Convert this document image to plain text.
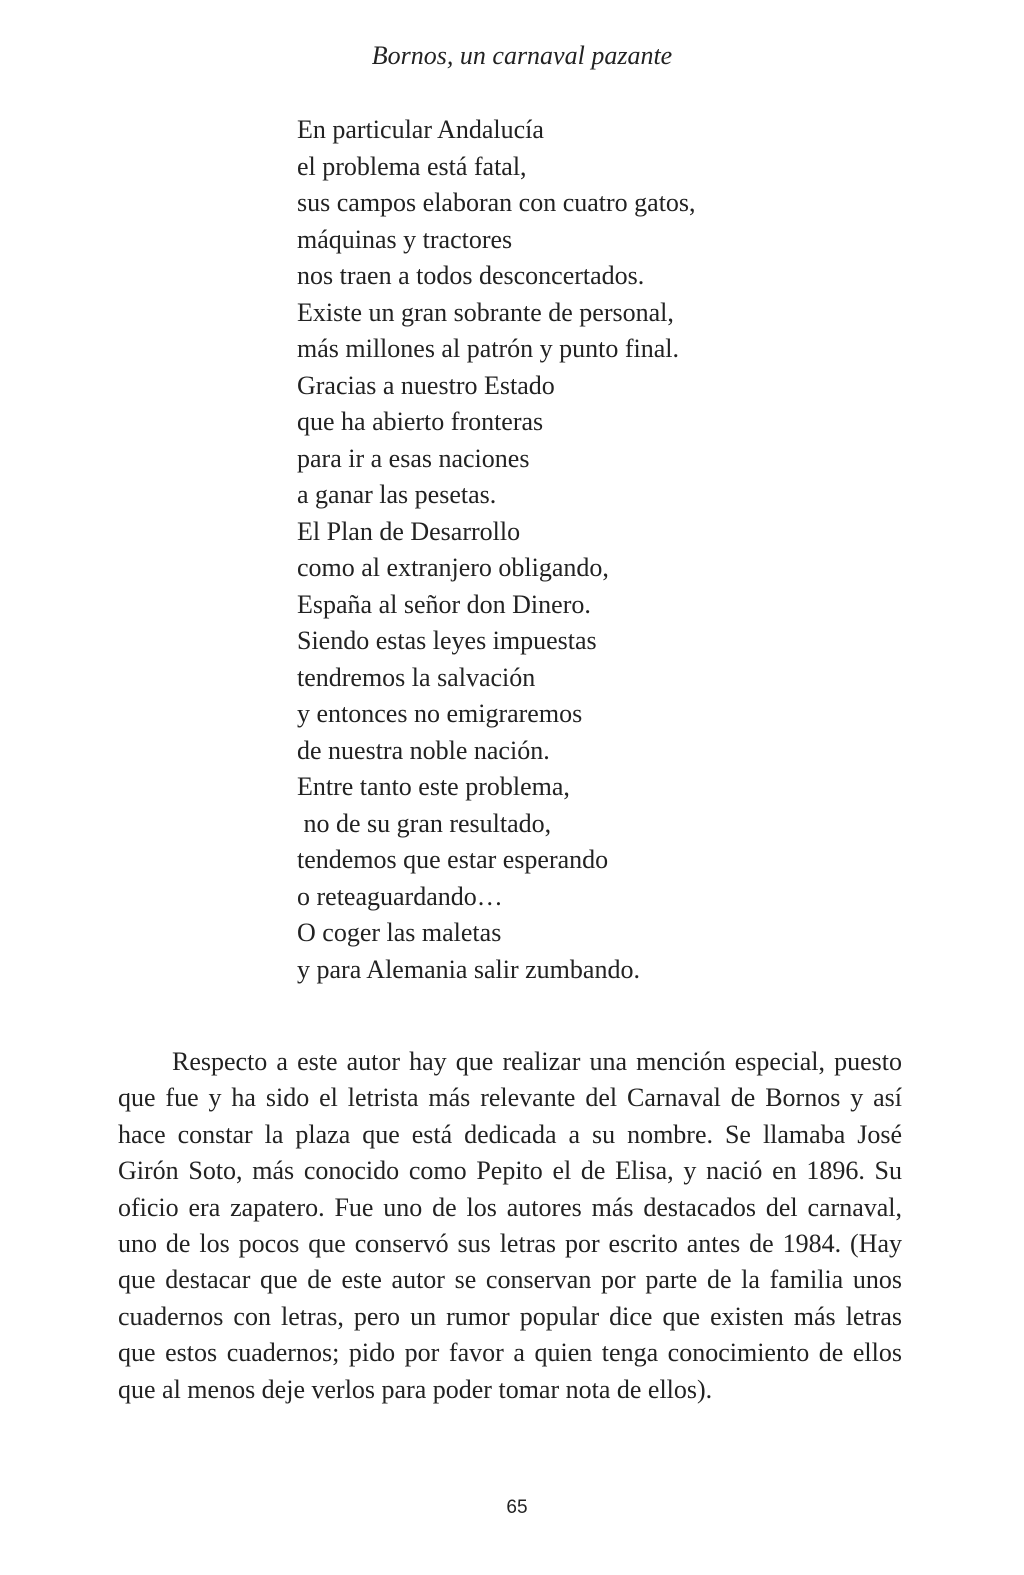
Bornos, un carnaval pazante
En particular Andalucía
el problema está fatal,
sus campos elaboran con cuatro gatos,
máquinas y tractores
nos traen a todos desconcertados.
Existe un gran sobrante de personal,
más millones al patrón y punto final.
Gracias a nuestro Estado
que ha abierto fronteras
para ir a esas naciones
a ganar las pesetas.
El Plan de Desarrollo
como al extranjero obligando,
España al señor don Dinero.
Siendo estas leyes impuestas
tendremos la salvación
y entonces no emigraremos
de nuestra noble nación.
Entre tanto este problema,
no de su gran resultado,
tendemos que estar esperando
o reteaguardando…
O coger las maletas
y para Alemania salir zumbando.

Respecto a este autor hay que realizar una mención especial, puesto que fue y ha sido el letrista más relevante del Carnaval de Bornos y así hace constar la plaza que está dedicada a su nombre. Se llamaba José Girón Soto, más conocido como Pepito el de Elisa, y nació en 1896. Su oficio era zapatero. Fue uno de los autores más destacados del carnaval, uno de los pocos que conservó sus letras por escrito antes de 1984. (Hay que destacar que de este autor se conservan por parte de la familia unos cuadernos con letras, pero un rumor popular dice que existen más letras que estos cuadernos; pido por favor a quien tenga conocimiento de ellos que al menos deje verlos para poder tomar nota de ellos).

65
